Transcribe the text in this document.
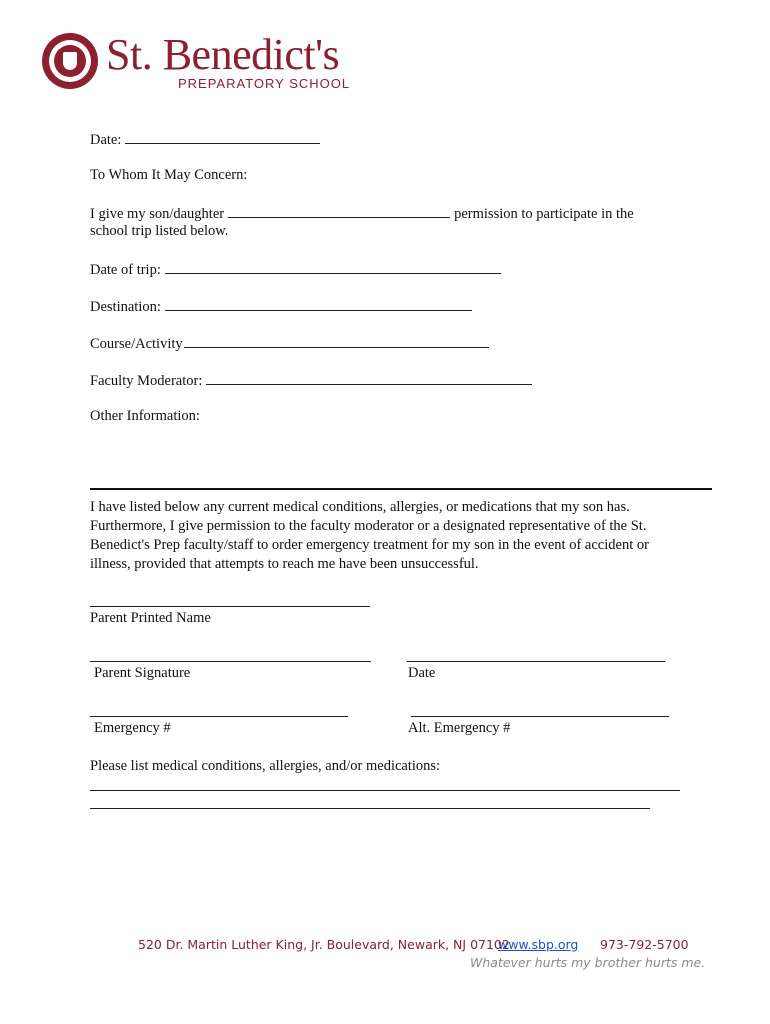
St. Benedict's
PREPARATORY SCHOOL
Date:
To Whom It May Concern:
I give my son/daughter	permission to participate in the
school trip listed below.
Date of trip:
Destination:
Course/Activity
Faculty Moderator:
Other Information:
I have listed below any current medical conditions, allergies, or medications that my son has. Furthermore, I give permission to the faculty moderator or a designated representative of the St. Benedict's Prep faculty/staff to order emergency treatment for my son in the event of accident or illness, provided that attempts to reach me have been unsuccessful.
Parent Printed Name
Parent Signature	Date
Emergency #	Alt. Emergency #
Please list medical conditions, allergies, and/or medications:
520 Dr. Martin Luther King, Jr. Boulevard, Newark, NJ 07102
www.sbp.org 973-792-5700
Whatever hurts my brother hurts me.
